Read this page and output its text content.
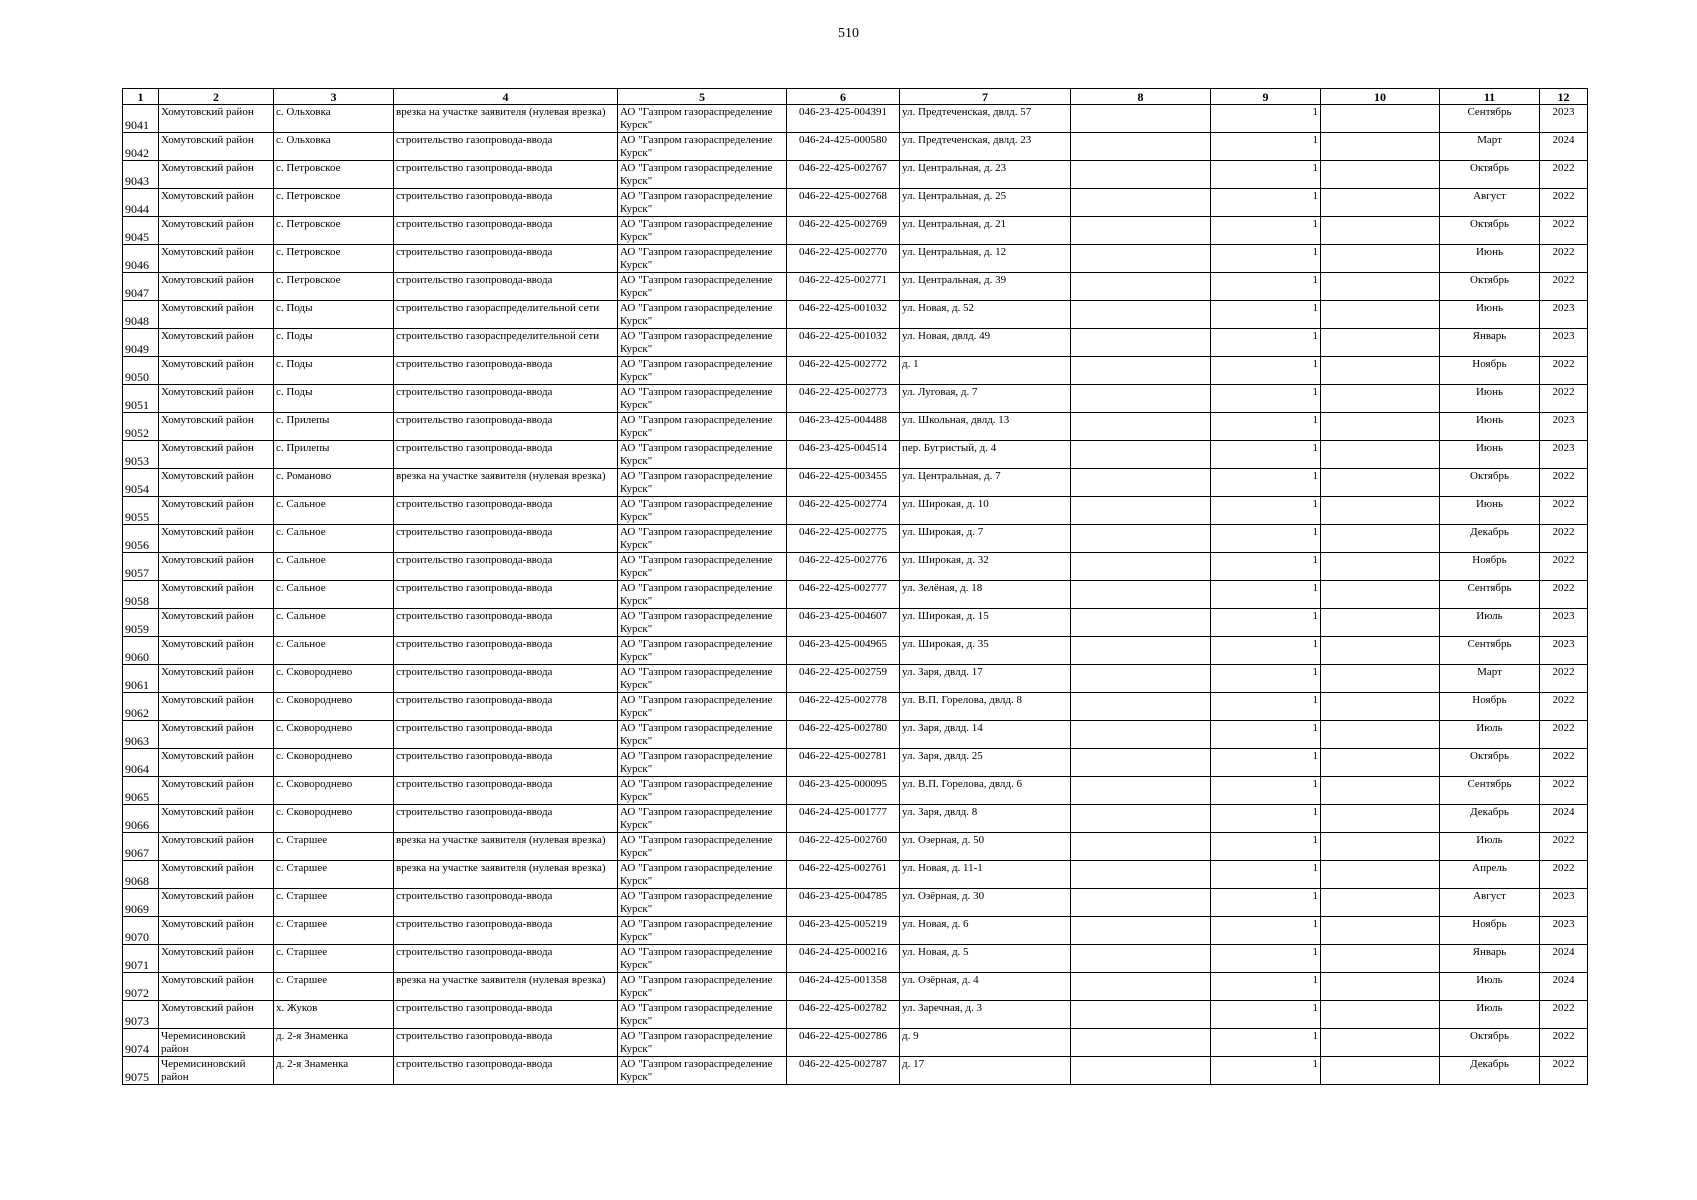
510
1	2	3	4	5	6	7	8	9	10	11	12

9041	Хомутовский район	с. Ольховка	врезка на участке заявителя (нулевая врезка)	АО "Газпром газораспределение Курск"	046-23-425-004391	ул. Предтеченская, двлд. 57		1		Сентябрь	2023

9042	Хомутовский район	с. Ольховка	строительство газопровода-ввода	АО "Газпром газораспределение Курск"	046-24-425-000580	ул. Предтеченская, двлд. 23		1		Март	2024

9043	Хомутовский район	с. Петровское	строительство газопровода-ввода	АО "Газпром газораспределение Курск"	046-22-425-002767	ул. Центральная, д. 23		1		Октябрь	2022

9044	Хомутовский район	с. Петровское	строительство газопровода-ввода	АО "Газпром газораспределение Курск"	046-22-425-002768	ул. Центральная, д. 25		1		Август	2022

9045	Хомутовский район	с. Петровское	строительство газопровода-ввода	АО "Газпром газораспределение Курск"	046-22-425-002769	ул. Центральная, д. 21		1		Октябрь	2022

9046	Хомутовский район	с. Петровское	строительство газопровода-ввода	АО "Газпром газораспределение Курск"	046-22-425-002770	ул. Центральная, д. 12		1		Июнь	2022

9047	Хомутовский район	с. Петровское	строительство газопровода-ввода	АО "Газпром газораспределение Курск"	046-22-425-002771	ул. Центральная, д. 39		1		Октябрь	2022

9048	Хомутовский район	с. Поды	строительство газораспределительной сети	АО "Газпром газораспределение Курск"	046-22-425-001032	ул. Новая, д. 52		1		Июнь	2023

9049	Хомутовский район	с. Поды	строительство газораспределительной сети	АО "Газпром газораспределение Курск"	046-22-425-001032	ул. Новая, двлд. 49		1		Январь	2023

9050	Хомутовский район	с. Поды	строительство газопровода-ввода	АО "Газпром газораспределение Курск"	046-22-425-002772	д. 1		1		Ноябрь	2022

9051	Хомутовский район	с. Поды	строительство газопровода-ввода	АО "Газпром газораспределение Курск"	046-22-425-002773	ул. Луговая, д. 7		1		Июнь	2022

9052	Хомутовский район	с. Прилепы	строительство газопровода-ввода	АО "Газпром газораспределение Курск"	046-23-425-004488	ул. Школьная, двлд. 13		1		Июнь	2023

9053	Хомутовский район	с. Прилепы	строительство газопровода-ввода	АО "Газпром газораспределение Курск"	046-23-425-004514	пер. Бугристый, д. 4		1		Июнь	2023

9054	Хомутовский район	с. Романово	врезка на участке заявителя (нулевая врезка)	АО "Газпром газораспределение Курск"	046-22-425-003455	ул. Центральная, д. 7		1		Октябрь	2022

9055	Хомутовский район	с. Сальное	строительство газопровода-ввода	АО "Газпром газораспределение Курск"	046-22-425-002774	ул. Широкая, д. 10		1		Июнь	2022

9056	Хомутовский район	с. Сальное	строительство газопровода-ввода	АО "Газпром газораспределение Курск"	046-22-425-002775	ул. Широкая, д. 7		1		Декабрь	2022

9057	Хомутовский район	с. Сальное	строительство газопровода-ввода	АО "Газпром газораспределение Курск"	046-22-425-002776	ул. Широкая, д. 32		1		Ноябрь	2022

9058	Хомутовский район	с. Сальное	строительство газопровода-ввода	АО "Газпром газораспределение Курск"	046-22-425-002777	ул. Зелёная, д. 18		1		Сентябрь	2022

9059	Хомутовский район	с. Сальное	строительство газопровода-ввода	АО "Газпром газораспределение Курск"	046-23-425-004607	ул. Широкая, д. 15		1		Июль	2023

9060	Хомутовский район	с. Сальное	строительство газопровода-ввода	АО "Газпром газораспределение Курск"	046-23-425-004965	ул. Широкая, д. 35		1		Сентябрь	2023

9061	Хомутовский район	с. Сковороднево	строительство газопровода-ввода	АО "Газпром газораспределение Курск"	046-22-425-002759	ул. Заря, двлд. 17		1		Март	2022

9062	Хомутовский район	с. Сковороднево	строительство газопровода-ввода	АО "Газпром газораспределение Курск"	046-22-425-002778	ул. В.П. Горелова, двлд. 8		1		Ноябрь	2022

9063	Хомутовский район	с. Сковороднево	строительство газопровода-ввода	АО "Газпром газораспределение Курск"	046-22-425-002780	ул. Заря, двлд. 14		1		Июль	2022

9064	Хомутовский район	с. Сковороднево	строительство газопровода-ввода	АО "Газпром газораспределение Курск"	046-22-425-002781	ул. Заря, двлд. 25		1		Октябрь	2022

9065	Хомутовский район	с. Сковороднево	строительство газопровода-ввода	АО "Газпром газораспределение Курск"	046-23-425-000095	ул. В.П. Горелова, двлд. 6		1		Сентябрь	2022

9066	Хомутовский район	с. Сковороднево	строительство газопровода-ввода	АО "Газпром газораспределение Курск"	046-24-425-001777	ул. Заря, двлд. 8		1		Декабрь	2024

9067	Хомутовский район	с. Старшее	врезка на участке заявителя (нулевая врезка)	АО "Газпром газораспределение Курск"	046-22-425-002760	ул. Озерная, д. 50		1		Июль	2022

9068	Хомутовский район	с. Старшее	врезка на участке заявителя (нулевая врезка)	АО "Газпром газораспределение Курск"	046-22-425-002761	ул. Новая, д. 11-1		1		Апрель	2022

9069	Хомутовский район	с. Старшее	строительство газопровода-ввода	АО "Газпром газораспределение Курск"	046-23-425-004785	ул. Озёрная, д. 30		1		Август	2023

9070	Хомутовский район	с. Старшее	строительство газопровода-ввода	АО "Газпром газораспределение Курск"	046-23-425-005219	ул. Новая, д. 6		1		Ноябрь	2023

9071	Хомутовский район	с. Старшее	строительство газопровода-ввода	АО "Газпром газораспределение Курск"	046-24-425-000216	ул. Новая, д. 5		1		Январь	2024

9072	Хомутовский район	с. Старшее	врезка на участке заявителя (нулевая врезка)	АО "Газпром газораспределение Курск"	046-24-425-001358	ул. Озёрная, д. 4		1		Июль	2024

9073	Хомутовский район	х. Жуков	строительство газопровода-ввода	АО "Газпром газораспределение Курск"	046-22-425-002782	ул. Заречная, д. 3		1		Июль	2022

9074	Черемисиновский район	д. 2-я Знаменка	строительство газопровода-ввода	АО "Газпром газораспределение Курск"	046-22-425-002786	д. 9		1		Октябрь	2022

9075	Черемисиновский район	д. 2-я Знаменка	строительство газопровода-ввода	АО "Газпром газораспределение Курск"	046-22-425-002787	д. 17		1		Декабрь	2022
